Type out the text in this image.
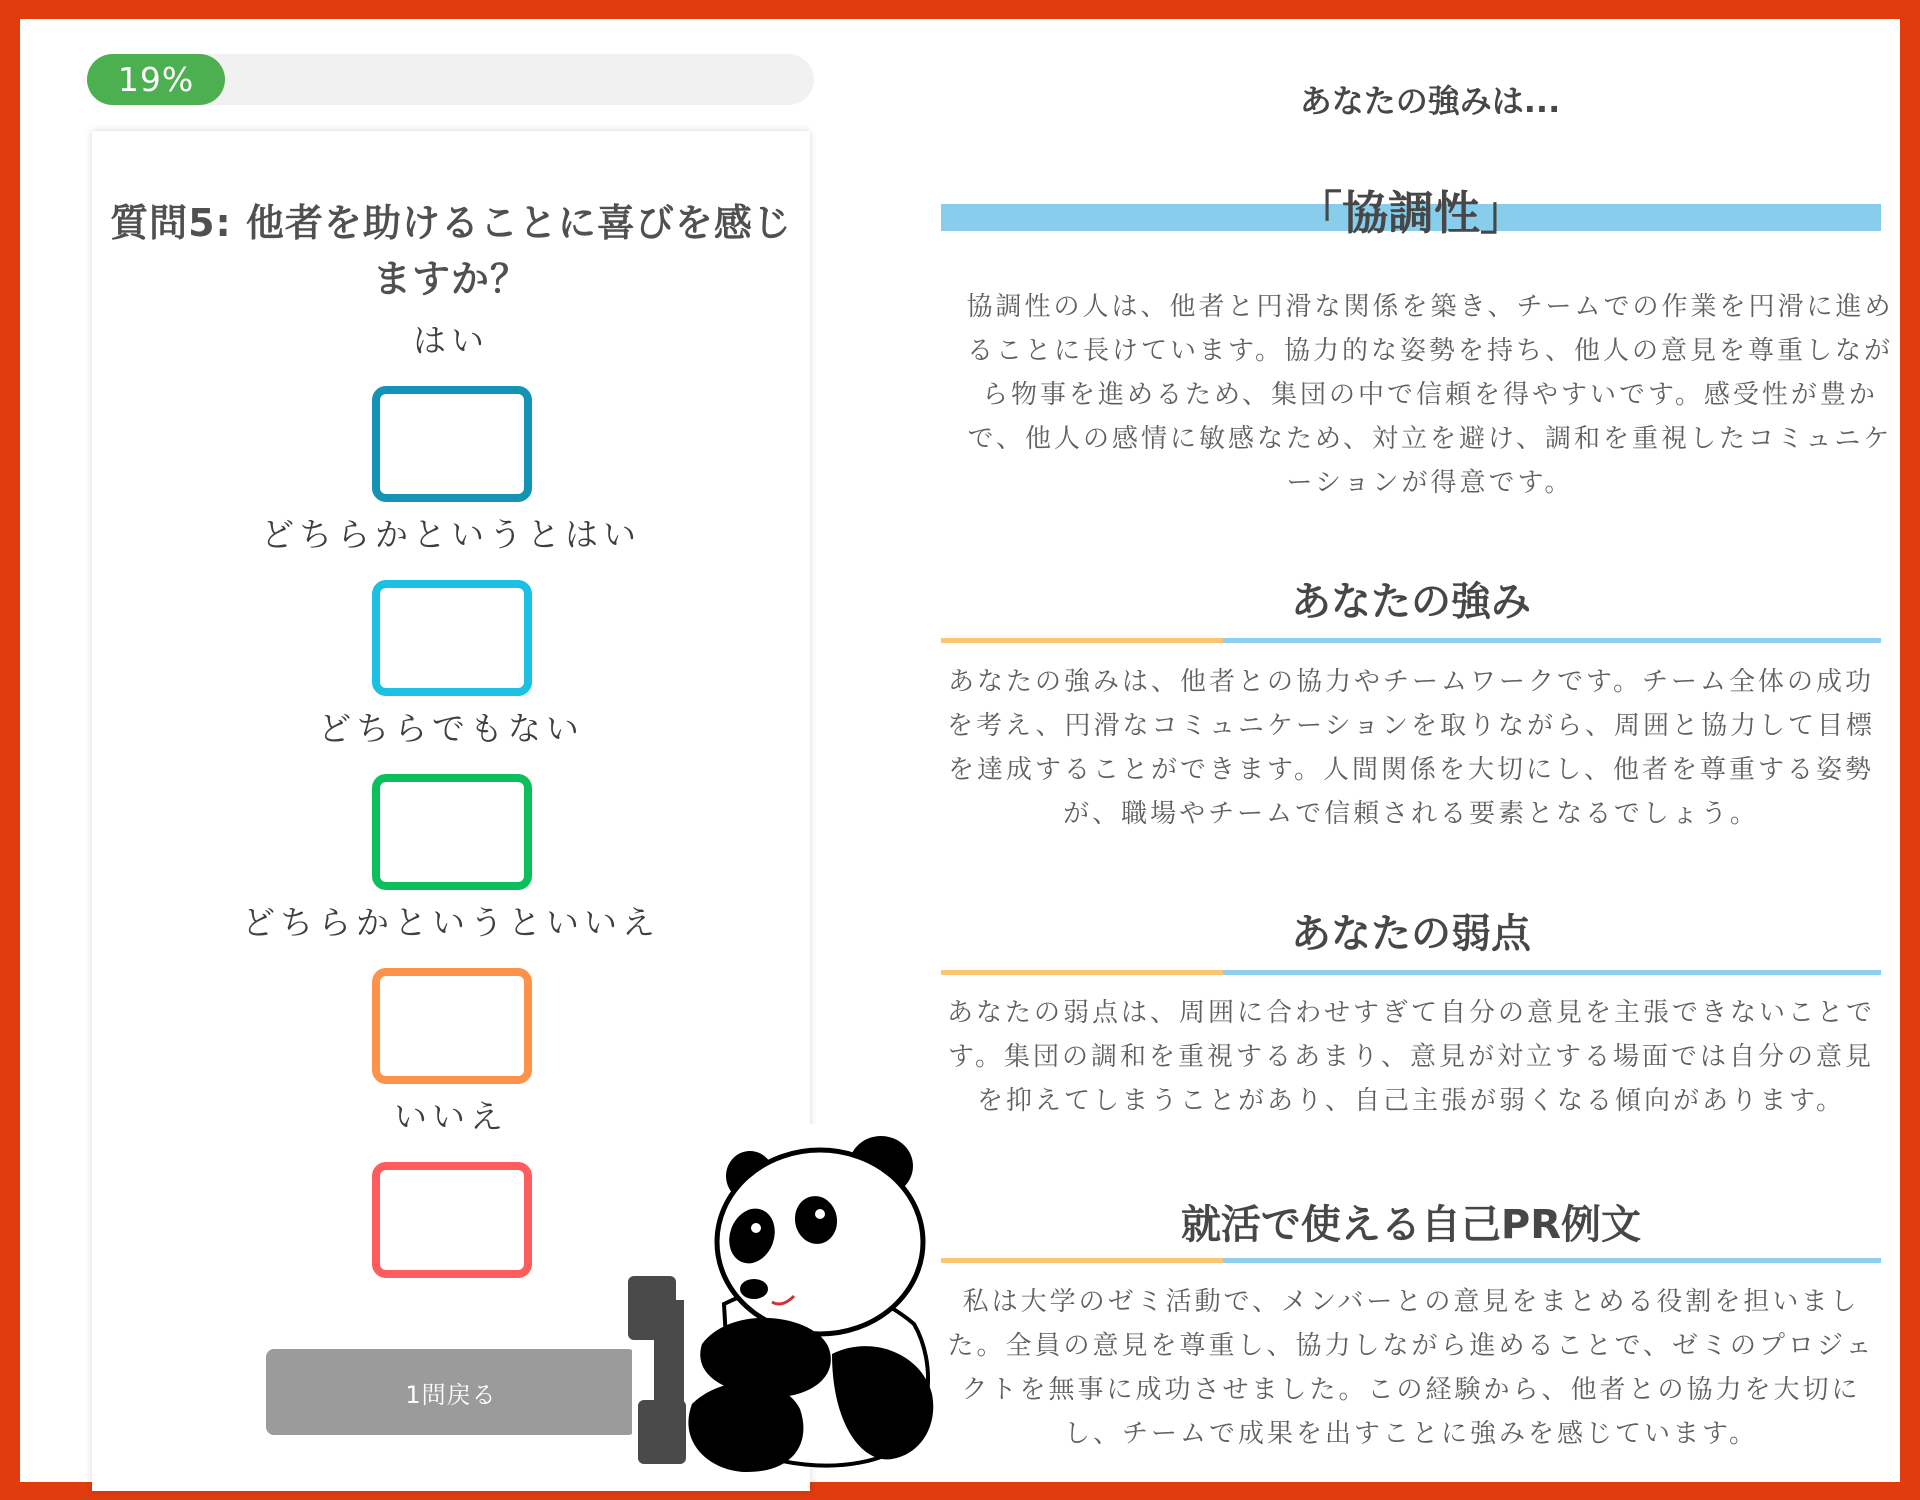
19%
質問5: 他者を助けることに喜びを感じますか？
はい
どちらかというとはい
どちらでもない
どちらかというといいえ
いいえ
1問戻る
あなたの強みは...
「協調性」

協調性の人は、他者と円滑な関係を築き、チームでの作業を円滑に進めることに長けています。協力的な姿勢を持ち、他人の意見を尊重しながら物事を進めるため、集団の中で信頼を得やすいです。感受性が豊かで、他人の感情に敏感なため、対立を避け、調和を重視したコミュニケーションが得意です。

あなたの強み

あなたの強みは、他者との協力やチームワークです。チーム全体の成功を考え、円滑なコミュニケーションを取りながら、周囲と協力して目標を達成することができます。人間関係を大切にし、他者を尊重する姿勢が、職場やチームで信頼される要素となるでしょう。

あなたの弱点

あなたの弱点は、周囲に合わせすぎて自分の意見を主張できないことです。集団の調和を重視するあまり、意見が対立する場面では自分の意見を抑えてしまうことがあり、自己主張が弱くなる傾向があります。

就活で使える自己PR例文

私は大学のゼミ活動で、メンバーとの意見をまとめる役割を担いました。全員の意見を尊重し、協力しながら進めることで、ゼミのプロジェクトを無事に成功させました。この経験から、他者との協力を大切にし、チームで成果を出すことに強みを感じています。
